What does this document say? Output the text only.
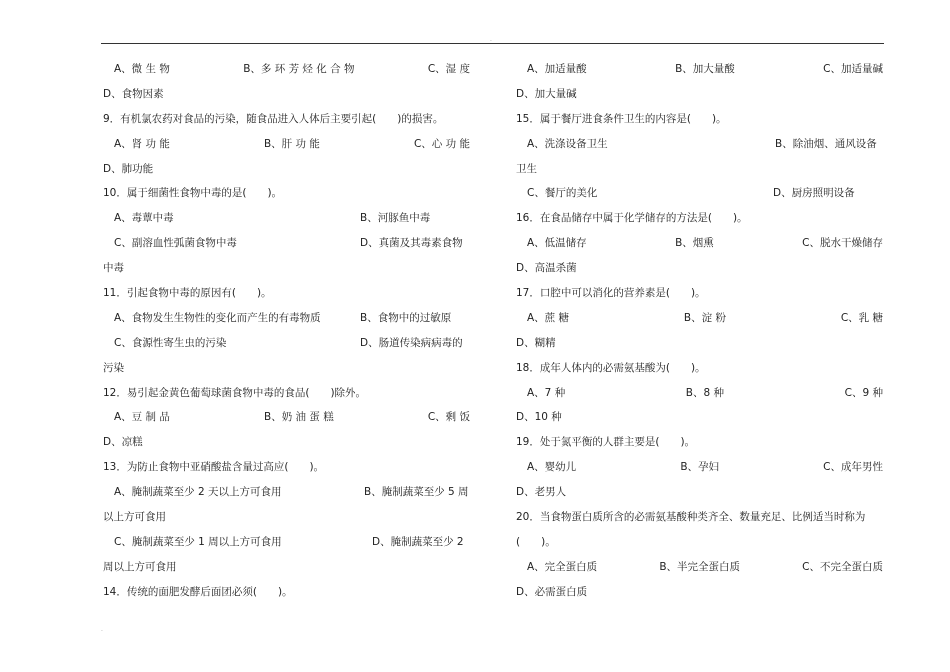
.
.
A、微 生 物	B、多 环 芳 烃 化 合 物	C、湿 度
D、食物因素
9．有机氯农药对食品的污染，随食品进入人体后主要引起(　　)的损害。
A、肾 功 能	B、肝 功 能	C、心 功 能
D、肺功能
10．属于细菌性食物中毒的是(　　)。
A、毒蕈中毒	B、河豚鱼中毒
C、副溶血性弧菌食物中毒	D、真菌及其毒素食物
中毒
11．引起食物中毒的原因有(　　)。
A、食物发生生物性的变化而产生的有毒物质	B、食物中的过敏原
C、食源性寄生虫的污染	D、肠道传染病病毒的
污染
12．易引起金黄色葡萄球菌食物中毒的食品(　　)除外。
A、豆 制 品	B、奶 油 蛋 糕	C、剩 饭
D、凉糕
13．为防止食物中亚硝酸盐含量过高应(　　)。
A、腌制蔬菜至少 2 天以上方可食用	B、腌制蔬菜至少 5 周
以上方可食用
C、腌制蔬菜至少 1 周以上方可食用	D、腌制蔬菜至少 2
周以上方可食用
14．传统的面肥发酵后面团必须(　　)。
A、加适量酸	B、加大量酸	C、加适量碱
D、加大量碱
15．属于餐厅进食条件卫生的内容是(　　)。
A、洗涤设备卫生	B、除油烟、通风设备
卫生
C、餐厅的美化	D、厨房照明设备
16．在食品储存中属于化学储存的方法是(　　)。
A、低温储存	B、烟熏	C、脱水干燥储存
D、高温杀菌
17．口腔中可以消化的营养素是(　　)。
A、蔗 糖	B、淀 粉	C、乳 糖
D、糊精
18．成年人体内的必需氨基酸为(　　)。
A、7 种	B、8 种	C、9 种
D、10 种
19．处于氮平衡的人群主要是(　　)。
A、婴幼儿	B、孕妇	C、成年男性
D、老男人
20．当食物蛋白质所含的必需氨基酸种类齐全、数量充足、比例适当时称为
(　　)。
A、完全蛋白质	B、半完全蛋白质	C、不完全蛋白质
D、必需蛋白质
